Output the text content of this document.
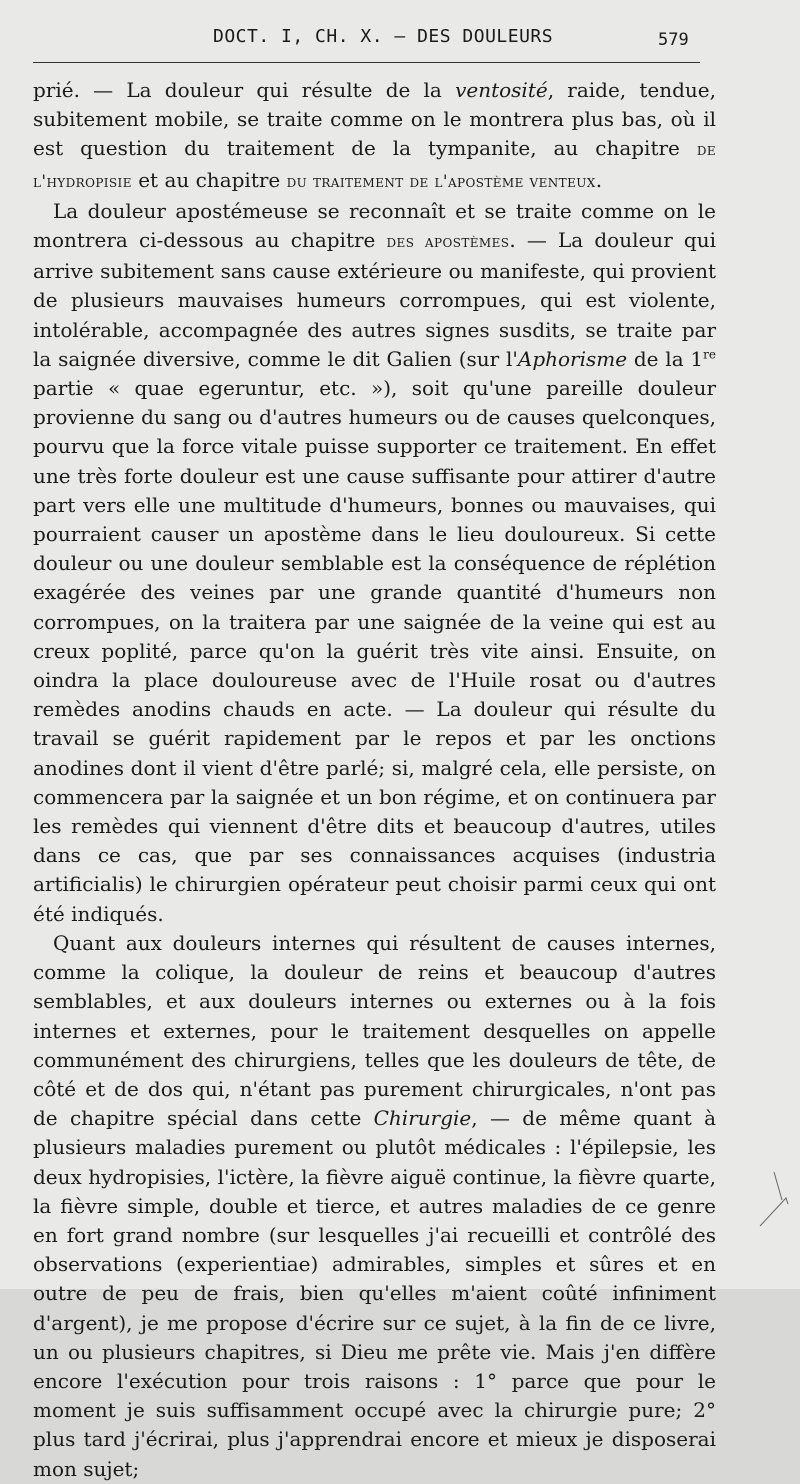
DOCT. I, CH. X. — DES DOULEURS	579

prié. — La douleur qui résulte de la ventosité, raide, tendue, subitement mobile, se traite comme on le montrera plus bas, où il est question du traitement de la tympanite, au chapitre de l'hydropisie et au chapitre du traitement de l'apostème venteux.

La douleur apostémeuse se reconnaît et se traite comme on le montrera ci-dessous au chapitre des apostèmes. — La douleur qui arrive subitement sans cause extérieure ou manifeste, qui provient de plusieurs mauvaises humeurs corrompues, qui est violente, intolérable, accompagnée des autres signes susdits, se traite par la saignée diversive, comme le dit Galien (sur l'Aphorisme de la 1re partie « quae egeruntur, etc. »), soit qu'une pareille douleur provienne du sang ou d'autres humeurs ou de causes quelconques, pourvu que la force vitale puisse supporter ce traitement. En effet une très forte douleur est une cause suffisante pour attirer d'autre part vers elle une multitude d'humeurs, bonnes ou mauvaises, qui pourraient causer un apostème dans le lieu douloureux. Si cette douleur ou une douleur semblable est la conséquence de réplétion exagérée des veines par une grande quantité d'humeurs non corrompues, on la traitera par une saignée de la veine qui est au creux poplité, parce qu'on la guérit très vite ainsi. Ensuite, on oindra la place douloureuse avec de l'Huile rosat ou d'autres remèdes anodins chauds en acte. — La douleur qui résulte du travail se guérit rapidement par le repos et par les onctions anodines dont il vient d'être parlé; si, malgré cela, elle persiste, on commencera par la saignée et un bon régime, et on continuera par les remèdes qui viennent d'être dits et beaucoup d'autres, utiles dans ce cas, que par ses connaissances acquises (industria artificialis) le chirurgien opérateur peut choisir parmi ceux qui ont été indiqués.

Quant aux douleurs internes qui résultent de causes internes, comme la colique, la douleur de reins et beaucoup d'autres semblables, et aux douleurs internes ou externes ou à la fois internes et externes, pour le traitement desquelles on appelle communément des chirurgiens, telles que les douleurs de tête, de côté et de dos qui, n'étant pas purement chirurgicales, n'ont pas de chapitre spécial dans cette Chirurgie, — de même quant à plusieurs maladies purement ou plutôt médicales : l'épilepsie, les deux hydropisies, l'ictère, la fièvre aiguë continue, la fièvre quarte, la fièvre simple, double et tierce, et autres maladies de ce genre en fort grand nombre (sur lesquelles j'ai recueilli et contrôlé des observations (experientiae) admirables, simples et sûres et en outre de peu de frais, bien qu'elles m'aient coûté infiniment d'argent), je me propose d'écrire sur ce sujet, à la fin de ce livre, un ou plusieurs chapitres, si Dieu me prête vie. Mais j'en diffère encore l'exécution pour trois raisons : 1° parce que pour le moment je suis suffisamment occupé avec la chirurgie pure; 2° plus tard j'écrirai, plus j'apprendrai encore et mieux je disposerai mon sujet;
